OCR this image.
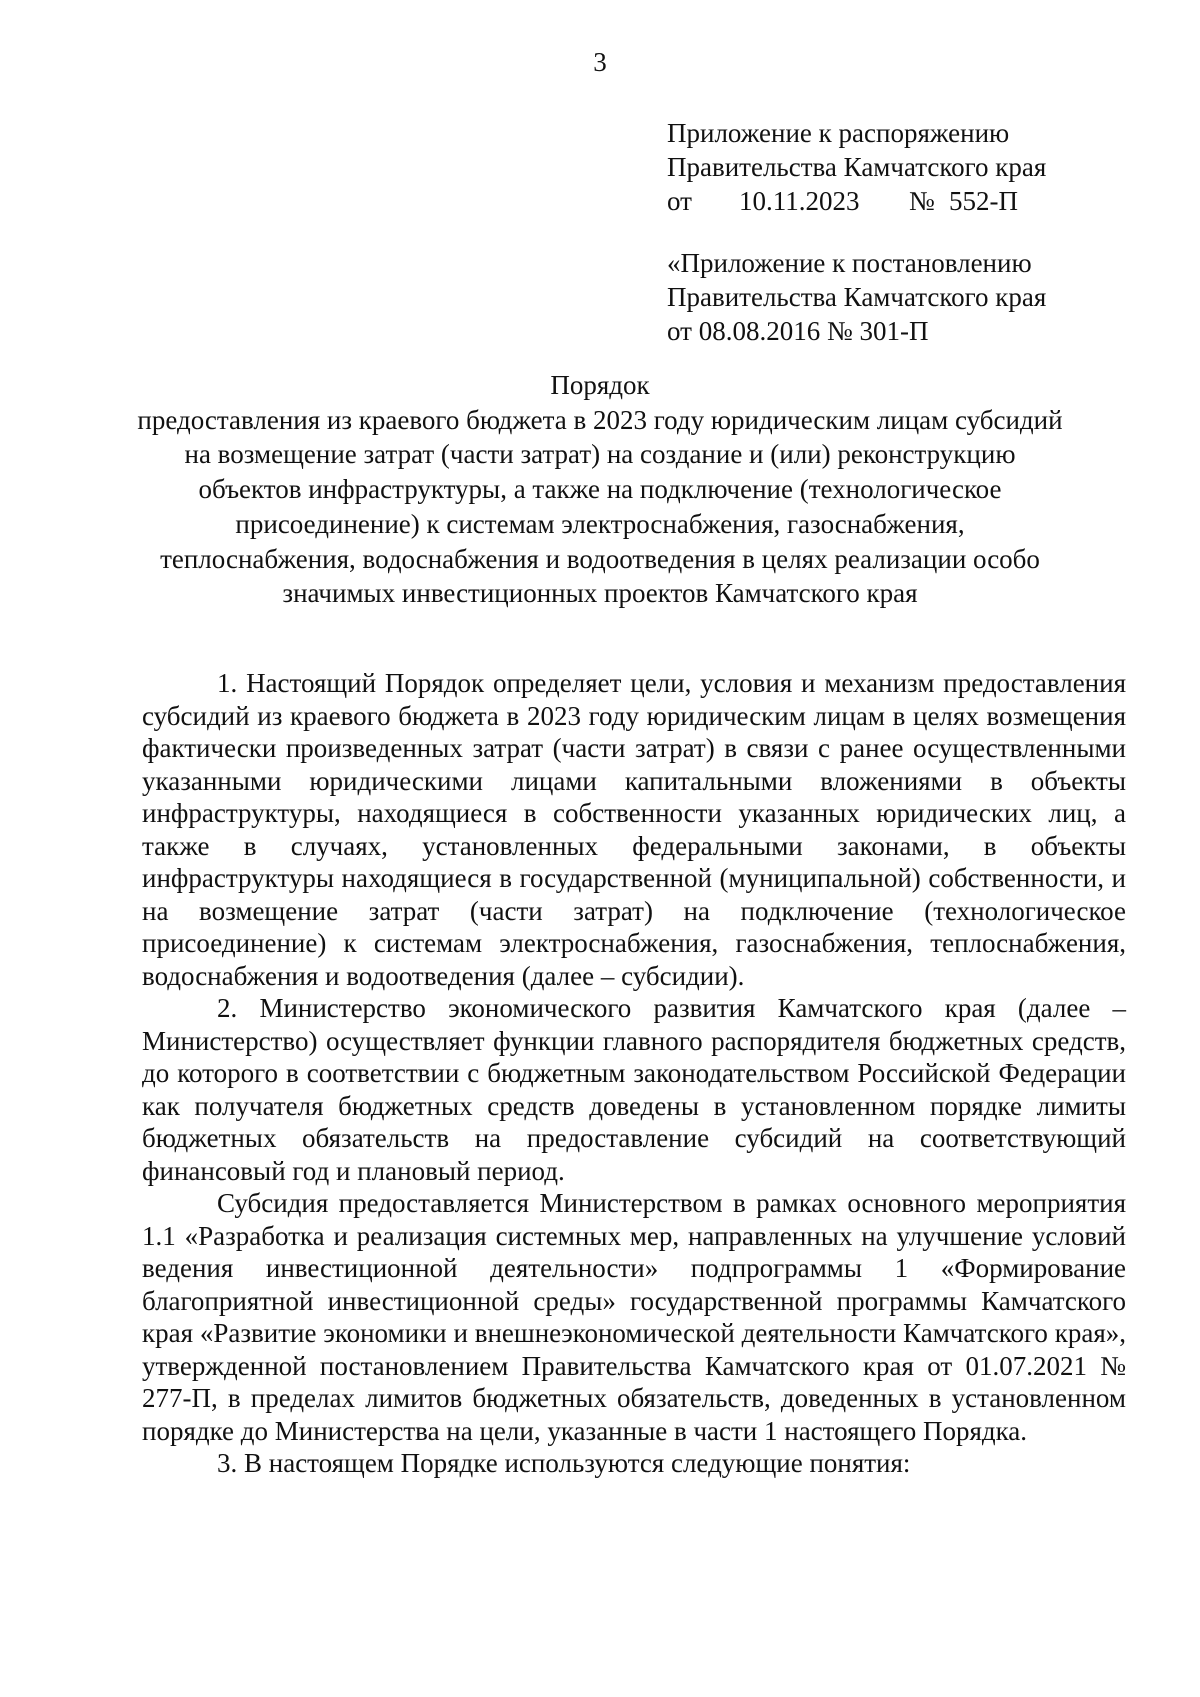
3
Приложение к распоряжению
Правительства Камчатского края
от	10.11.2023	№ 552-П
«Приложение к постановлению
Правительства Камчатского края
от 08.08.2016 № 301-П
Порядок
предоставления из краевого бюджета в 2023 году юридическим лицам субсидий
на возмещение затрат (части затрат) на создание и (или) реконструкцию
объектов инфраструктуры, а также на подключение (технологическое
присоединение) к системам электроснабжения, газоснабжения,
теплоснабжения, водоснабжения и водоотведения в целях реализации особо
значимых инвестиционных проектов Камчатского края

1. Настоящий Порядок определяет цели, условия и механизм предоставления субсидий из краевого бюджета в 2023 году юридическим лицам в целях возмещения фактически произведенных затрат (части затрат) в связи с ранее осуществленными указанными юридическими лицами капитальными вложениями в объекты инфраструктуры, находящиеся в собственности указанных юридических лиц, а также в случаях, установленных федеральными законами, в объекты инфраструктуры находящиеся в государственной (муниципальной) собственности, и на возмещение затрат (части затрат) на подключение (технологическое присоединение) к системам электроснабжения, газоснабжения, теплоснабжения, водоснабжения и водоотведения (далее – субсидии).

2. Министерство экономического развития Камчатского края (далее – Министерство) осуществляет функции главного распорядителя бюджетных средств, до которого в соответствии с бюджетным законодательством Российской Федерации как получателя бюджетных средств доведены в установленном порядке лимиты бюджетных обязательств на предоставление субсидий на соответствующий финансовый год и плановый период.

Субсидия предоставляется Министерством в рамках основного мероприятия 1.1 «Разработка и реализация системных мер, направленных на улучшение условий ведения инвестиционной деятельности» подпрограммы 1 «Формирование благоприятной инвестиционной среды» государственной программы Камчатского края «Развитие экономики и внешнеэкономической деятельности Камчатского края», утвержденной постановлением Правительства Камчатского края от 01.07.2021 № 277-П, в пределах лимитов бюджетных обязательств, доведенных в установленном порядке до Министерства на цели, указанные в части 1 настоящего Порядка.

3. В настоящем Порядке используются следующие понятия:
